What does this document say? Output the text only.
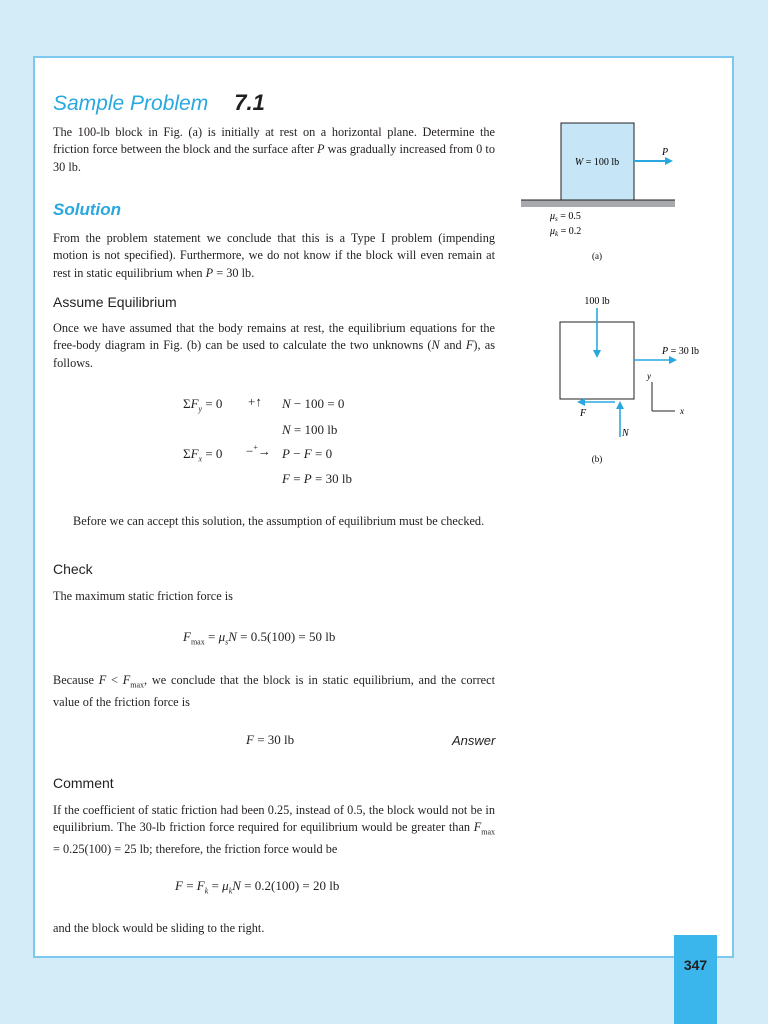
Sample Problem 7.1
The 100-lb block in Fig. (a) is initially at rest on a horizontal plane. Determine the friction force between the block and the surface after P was gradually increased from 0 to 30 lb.
Solution
From the problem statement we conclude that this is a Type I problem (impending motion is not specified). Furthermore, we do not know if the block will even remain at rest in static equilibrium when P = 30 lb.
Assume Equilibrium
Once we have assumed that the body remains at rest, the equilibrium equations for the free-body diagram in Fig. (b) can be used to calculate the two unknowns (N and F), as follows.
$\Sigma F_y = 0$ +↑ N − 100 = 0
N = 100 lb
$\Sigma F_x = 0 -^+\to P - F = 0$
F = P = 30 lb
Before we can accept this solution, the assumption of equilibrium must be checked.
Check
The maximum static friction force is
$F_{max} = \mu_sN = 0.5(100) = 50$ lb
Because $F < F_{max}$, we conclude that the block is in static equilibrium, and the correct value of the friction force is
F = 30 lb	Answer
Comment
If the coefficient of static friction had been 0.25, instead of 0.5, the block would not be in equilibrium. The 30-lb friction force required for equilibrium would be greater than $F_{max} = 0.25(100) = 25$ lb; therefore, the friction force would be
$F = F_k = \mu_kN = 0.2(100) = 20$ lb
and the block would be sliding to the right.
W = 100 lb
P
$\mu_s = 0.5$
$\mu_k = 0.2$
(a)
100 lb
P = 30 lb
F
N
y
x
(b)
347
